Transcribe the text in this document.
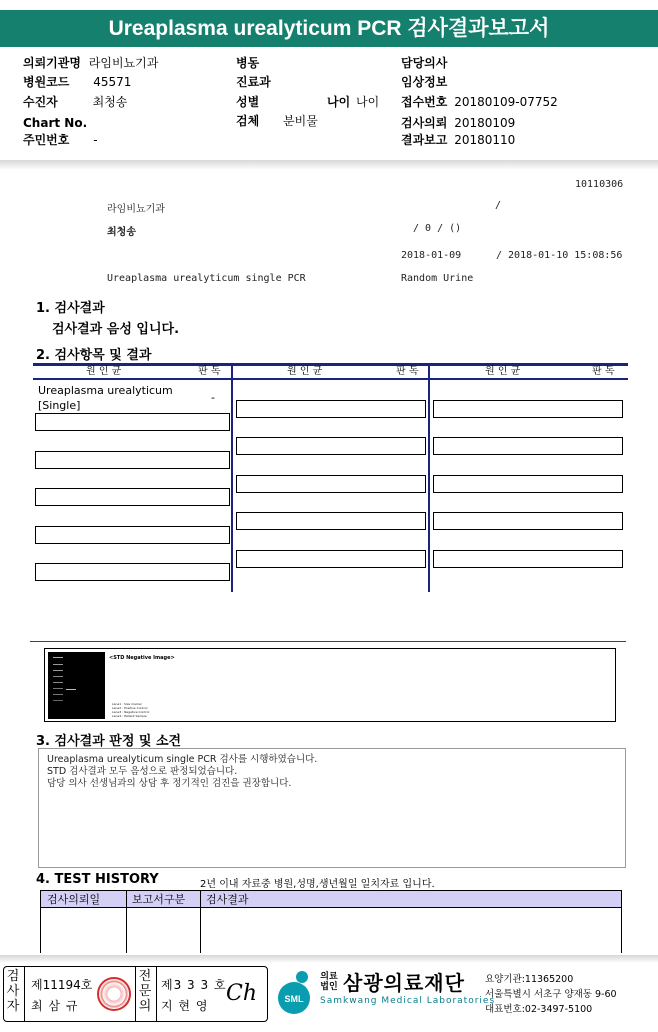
Ureaplasma urealyticum PCR 검사결과보고서
의뢰기관명 라임비뇨기과
병원코드 45571
수진자	최청송
Chart No.
주민번호 -
병동
진료과
성별	나이 나이
검체 분비물
담당의사
임상정보
접수번호 20180109-07752
검사의뢰 20180109
결과보고 20180110
10110306
라임비뇨기과	/
최청송	/ 0 / ()
2018-01-09	/ 2018-01-10 15:08:56
Ureaplasma urealyticum single PCR	Random Urine
1. 검사결과
검사결과 음성 입니다.
2. 검사항목 및 결과
원 인 균	판 독	원 인 균	판 독	원 인 균	판 독
Ureaplasma urealyticum
[Single]
-
<STD Negative Image>
Lane1 : Size marker
Lane2 : Positive Control
Lane3 : Negative Control
Lane4 : Patient Sample
3. 검사결과 판정 및 소견
Ureaplasma urealyticum single PCR 검사를 시행하였습니다.
STD 검사결과 모두 음성으로 판정되었습니다.
담당 의사 선생님과의 상담 후 정기적인 검진을 권장합니다.
4. TEST HISTORY	2년 이내 자료중 병원,성명,생년월일 일치자료 입니다.
검사의뢰일	보고서구분 검사결과
검사자
제11194호
최 삼 규
전문의
제3 3 3 호
지 현 영 Ch	SML
의료법인 삼광의료재단
Samkwang Medical Laboratories
요양기관:11365200
서울특별시 서초구 양재동 9-60
대표번호:02-3497-5100
